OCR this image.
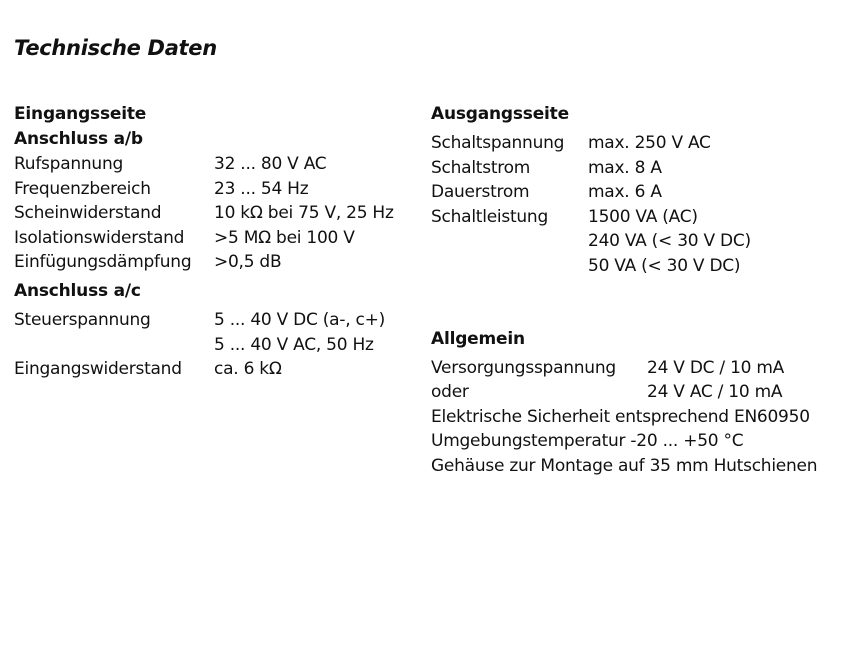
Technische Daten
Eingangsseite
Anschluss a/b
Rufspannung	32 ... 80 V AC
Frequenzbereich	23 ... 54 Hz
Scheinwiderstand	10 kΩ bei 75 V, 25 Hz
Isolationswiderstand >5 MΩ bei 100 V
Einfügungsdämpfung >0,5 dB
Anschluss a/c
Steuerspannung	5 ... 40 V DC (a-, c+)
5 ... 40 V AC, 50 Hz
Eingangswiderstand ca. 6 kΩ
Ausgangsseite
Schaltspannung max. 250 V AC
Schaltstrom	max. 8 A
Dauerstrom	max. 6 A
Schaltleistung 1500 VA (AC)
240 VA (< 30 V DC)
50 VA (< 30 V DC)
Allgemein
Versorgungsspannung 24 V DC / 10 mA
oder	24 V AC / 10 mA
Elektrische Sicherheit entsprechend EN60950
Umgebungstemperatur -20 ... +50 °C
Gehäuse zur Montage auf 35 mm Hutschienen
